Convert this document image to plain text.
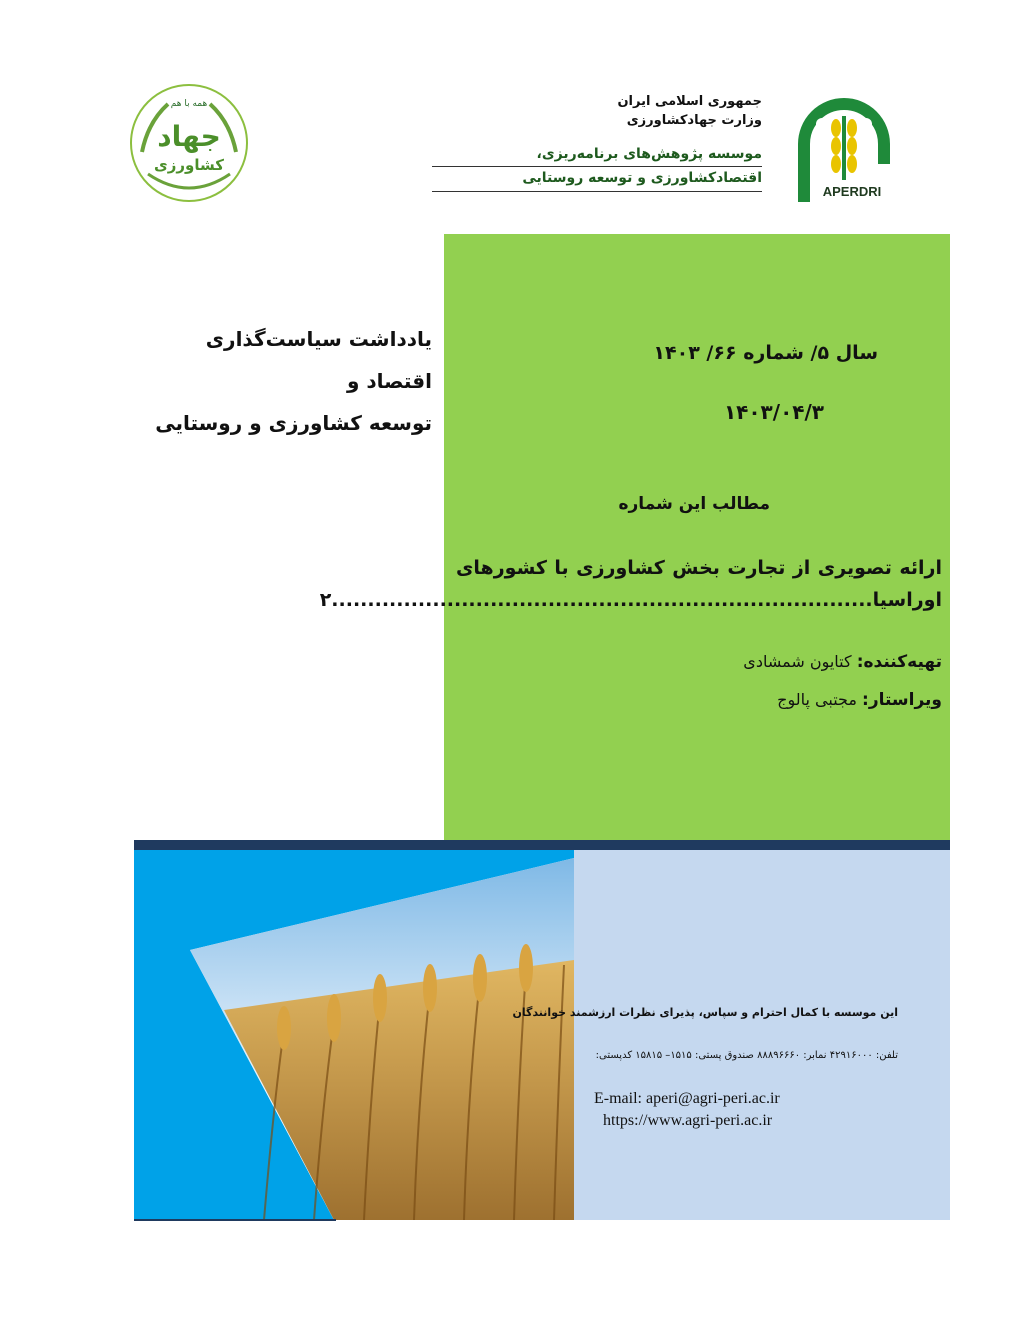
همه با هم
جهاد
کشاورزی
جمهوری اسلامی ایران
وزارت جهادکشاورزی
موسسه پژوهش‌های برنامه‌ریزی،
اقتصادکشاورزی و توسعه روستایی
APERDRI
یادداشت سیاست‌گذاری اقتصاد و
توسعه کشاورزی و روستایی
سال ۵/ شماره ۶۶/ ۱۴۰۳
۱۴۰۳/۰۴/۳
مطالب این شماره
ارائه تصویری از تجارت بخش کشاورزی با کشورهای اوراسیا...........................................................................۲
تهیه‌کننده: کتایون شمشادی
ویراستار: مجتبی پالوج
این موسسه با کمال احترام و سپاس، پذیرای نظرات ارزشمند خوانندگان
تلفن: ۴۲۹۱۶۰۰۰ نمابر: ۸۸۸۹۶۶۶۰ صندوق پستی: ۱۵۱۵– ۱۵۸۱۵ کدپستی:
E-mail: aperi@agri-peri.ac.ir
https://www.agri-peri.ac.ir
